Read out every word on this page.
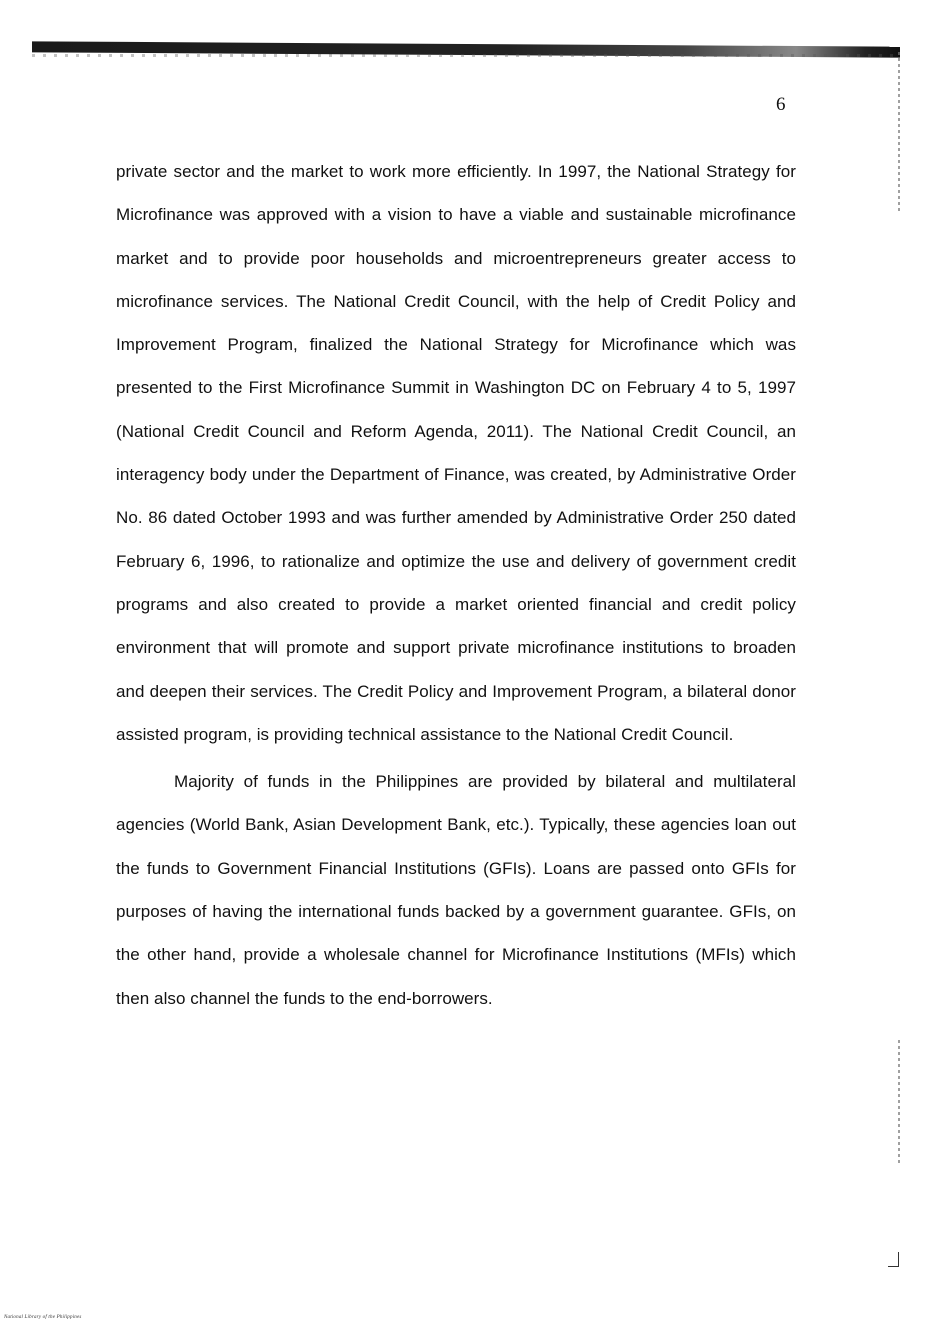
6

private sector and the market to work more efficiently. In 1997, the National Strategy for Microfinance was approved with a vision to have a viable and sustainable microfinance market and to provide poor households and microentrepreneurs greater access to microfinance services. The National Credit Council, with the help of Credit Policy and Improvement Program, finalized the National Strategy for Microfinance which was presented to the First Microfinance Summit in Washington DC on February 4 to 5, 1997 (National Credit Council and Reform Agenda, 2011). The National Credit Council, an interagency body under the Department of Finance, was created, by Administrative Order No. 86 dated October 1993 and was further amended by Administrative Order 250 dated February 6, 1996, to rationalize and optimize the use and delivery of government credit programs and also created to provide a market oriented financial and credit policy environment that will promote and support private microfinance institutions to broaden and deepen their services. The Credit Policy and Improvement Program, a bilateral donor assisted program, is providing technical assistance to the National Credit Council.

Majority of funds in the Philippines are provided by bilateral and multilateral agencies (World Bank, Asian Development Bank, etc.). Typically, these agencies loan out the funds to Government Financial Institutions (GFIs). Loans are passed onto GFIs for purposes of having the international funds backed by a government guarantee. GFIs, on the other hand, provide a wholesale channel for Microfinance Institutions (MFIs) which then also channel the funds to the end-borrowers.

National Library of the Philippines
